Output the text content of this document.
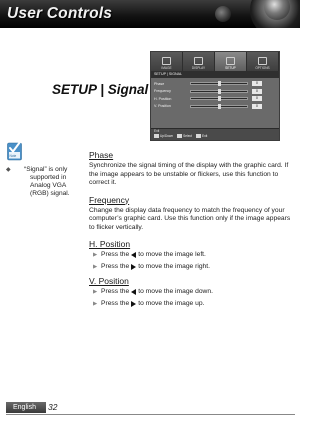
User Controls
SETUP | Signal
IMAGE	DISPLAY	SETUP	OPTIONS
SETUP | SIGNAL
Phase	0
Frequency	0
H. Position	0
V. Position	0
Exit
Up/Down	Select	Exit
Note
◆	“Signal” is only supported in Analog VGA (RGB) signal.
Phase
Synchronize the signal timing of the display with the graphic card. If the image appears to be unstable or flickers, use this function to correct it.
Frequency
Change the display data frequency to match the frequency of your computer’s graphic card. Use this function only if the image appears to flicker vertically.
H. Position
▶ Press the to move the image left.
▶ Press the to move the image right.
V. Position
▶ Press the to move the image down.
▶ Press the to move the image up.
English	32
